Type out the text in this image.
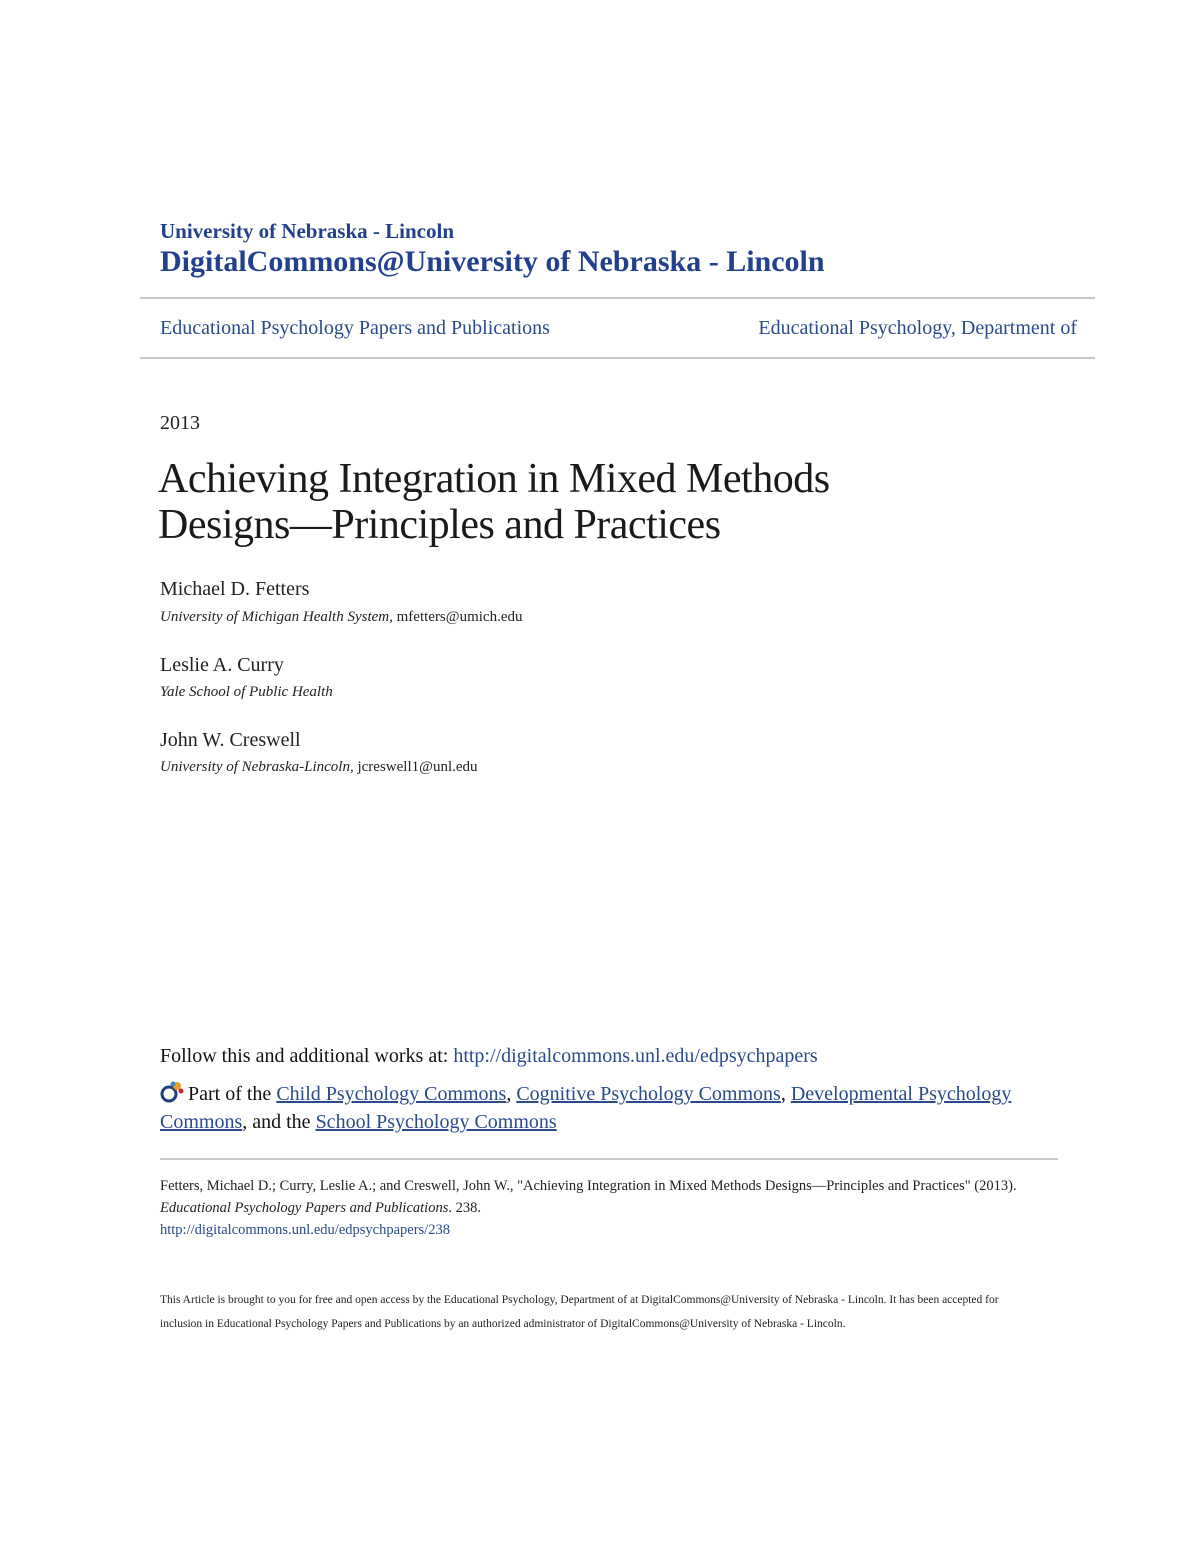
University of Nebraska - Lincoln
DigitalCommons@University of Nebraska - Lincoln
Educational Psychology Papers and Publications	Educational Psychology, Department of
2013
Achieving Integration in Mixed Methods
Designs—Principles and Practices
Michael D. Fetters
University of Michigan Health System, mfetters@umich.edu
Leslie A. Curry
Yale School of Public Health
John W. Creswell
University of Nebraska-Lincoln, jcreswell1@unl.edu
Follow this and additional works at: http://digitalcommons.unl.edu/edpsychpapers
Part of the Child Psychology Commons, Cognitive Psychology Commons, Developmental Psychology Commons, and the School Psychology Commons
Fetters, Michael D.; Curry, Leslie A.; and Creswell, John W., "Achieving Integration in Mixed Methods Designs—Principles and Practices" (2013). Educational Psychology Papers and Publications. 238.
http://digitalcommons.unl.edu/edpsychpapers/238
This Article is brought to you for free and open access by the Educational Psychology, Department of at DigitalCommons@University of Nebraska - Lincoln. It has been accepted for inclusion in Educational Psychology Papers and Publications by an authorized administrator of DigitalCommons@University of Nebraska - Lincoln.
